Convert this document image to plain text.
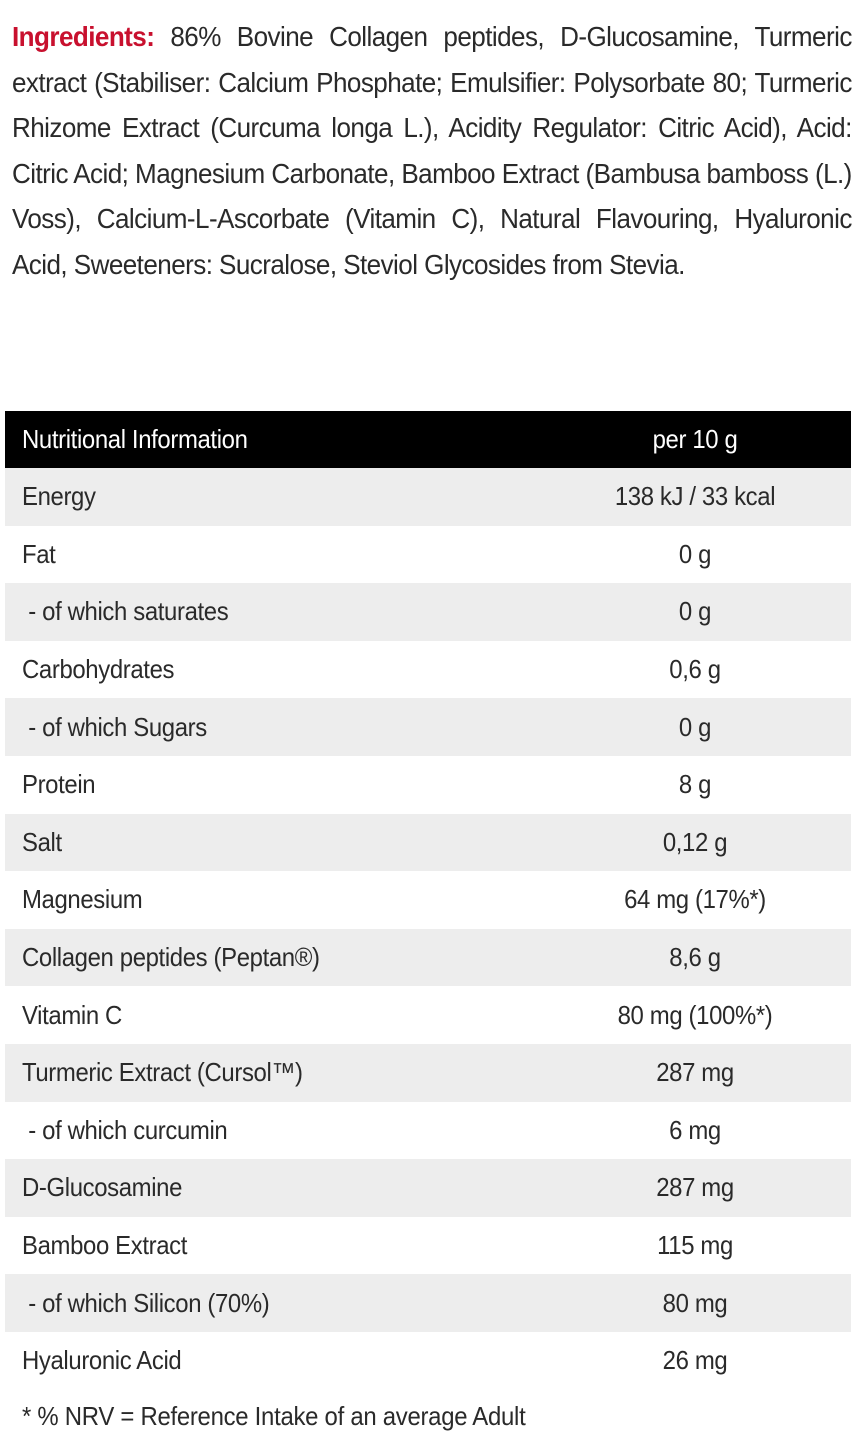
Ingredients: 86% Bovine Collagen peptides, D-Glucosamine, Turmeric extract (Stabiliser: Calcium Phosphate; Emulsifier: Polysorbate 80; Turmeric Rhizome Extract (Curcuma longa L.), Acidity Regulator: Citric Acid), Acid: Citric Acid; Magnesium Carbonate, Bamboo Extract (Bambusa bamboss (L.) Voss), Calcium-L-Ascorbate (Vitamin C), Natural Flavouring, Hyaluronic Acid, Sweeteners: Sucralose, Steviol Glycosides from Stevia.
Nutritional Information	per 10 g
Energy	138 kJ / 33 kcal
Fat	0 g
- of which saturates	0 g
Carbohydrates	0,6 g
- of which Sugars	0 g
Protein	8 g
Salt	0,12 g
Magnesium	64 mg (17%*)
Collagen peptides (Peptan®)	8,6 g
Vitamin C	80 mg (100%*)
Turmeric Extract (Cursol™)	287 mg
- of which curcumin	6 mg
D-Glucosamine	287 mg
Bamboo Extract	115 mg
- of which Silicon (70%)	80 mg
Hyaluronic Acid	26 mg
* % NRV = Reference Intake of an average Adult
